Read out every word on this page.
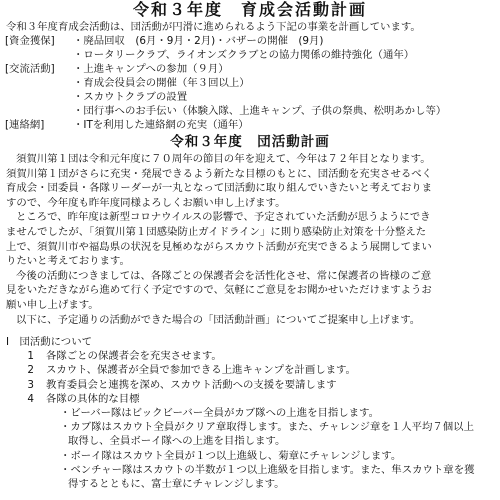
令和３年度　育成会活動計画

令和３年度育成会活動は、団活動が円滑に進められるよう下記の事業を計画しています。

[資金獲保]	・廃品回収　(6月・9月・2月)・バザーの開催　(9月)
・ロータリークラブ、ライオンズクラブとの協力関係の維持強化（通年）
[交流活動]	・上進キャンプへの参加（９月）
・育成会役員会の開催（年３回以上）
・スカウトクラブの設置
・団行事へのお手伝い（体験入隊、上進キャンプ、子供の祭典、松明あかし等）
[連絡網]	・ITを利用した連絡網の充実（通年）
令和３年度　団活動計画
須賀川第１団は令和元年度に７０周年の節目の年を迎えて、今年は７２年目となります。
須賀川第１団がさらに充実・発展できるよう新たな目標のもとに、団活動を充実させるべく
育成会・団委員・各隊リーダーが一丸となって団活動に取り組んでいきたいと考えておりま
すので、今年度も昨年度同様よろしくお願い申し上げます。
ところで、昨年度は新型コロナウイルスの影響で、予定されていた活動が思うようにでき
ませんでしたが、「須賀川第１団感染防止ガイドライン」に則り感染防止対策を十分整えた
上で、須賀川市や福島県の状況を見極めながらスカウト活動が充実できるよう展開してまい
りたいと考えております。
今後の活動につきましては、各隊ごとの保護者会を活性化させ、常に保護者の皆様のご意
見をいただきながら進めて行く予定ですので、気軽にご意見をお聞かせいただけますようお
願い申し上げます。
以下に、予定通りの活動ができた場合の「団活動計画」についてご提案申し上げます。
Ⅰ　団活動について
1 各隊ごとの保護者会を充実させます。
2 スカウト、保護者が全員で参加できる上進キャンプを計画します。
3 教育委員会と連携を深め、スカウト活動への支援を要請します
4 各隊の具体的な目標
・ビーバー隊はビックビーバー全員がカブ隊への上進を目指します。
・カブ隊はスカウト全員がクリア章取得します。また、チャレンジ章を１人平均７個以上
取得し、全員ボーイ隊への上進を目指します。
・ボーイ隊はスカウト全員が１つ以上進級し、菊章にチャレンジします。
・ベンチャー隊はスカウトの半数が１つ以上進級を目指します。また、隼スカウト章を獲
得するとともに、富士章にチャレンジします。
